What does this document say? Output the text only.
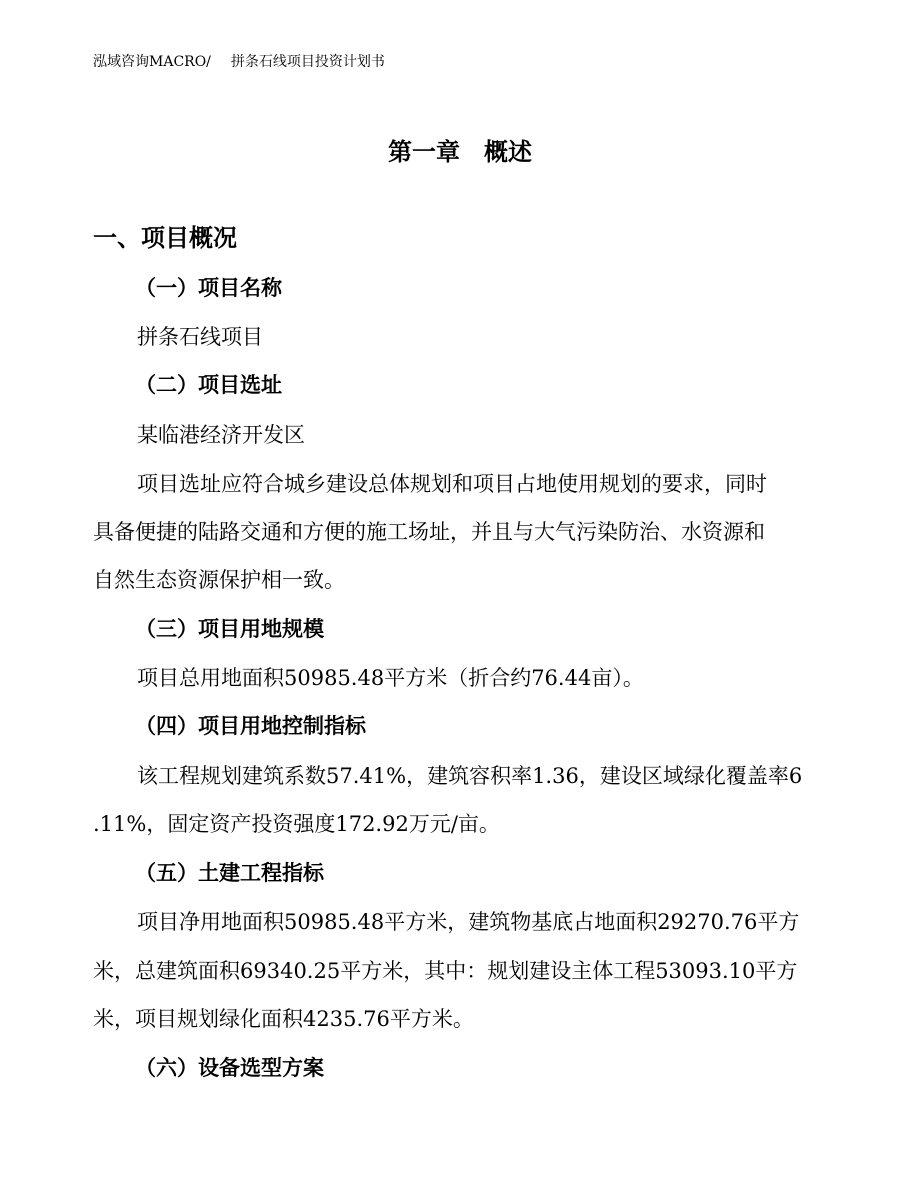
泓域咨询MACRO/ 拼条石线项目投资计划书
第一章　概述
一、项目概况
（一）项目名称
拼条石线项目
（二）项目选址
某临港经济开发区
项目选址应符合城乡建设总体规划和项目占地使用规划的要求，同时
具备便捷的陆路交通和方便的施工场址，并且与大气污染防治、水资源和
自然生态资源保护相一致。
（三）项目用地规模
项目总用地面积50985.48平方米（折合约76.44亩）。
（四）项目用地控制指标
该工程规划建筑系数57.41%，建筑容积率1.36，建设区域绿化覆盖率6
.11%，固定资产投资强度172.92万元/亩。
（五）土建工程指标
项目净用地面积50985.48平方米，建筑物基底占地面积29270.76平方
米，总建筑面积69340.25平方米，其中：规划建设主体工程53093.10平方
米，项目规划绿化面积4235.76平方米。
（六）设备选型方案
